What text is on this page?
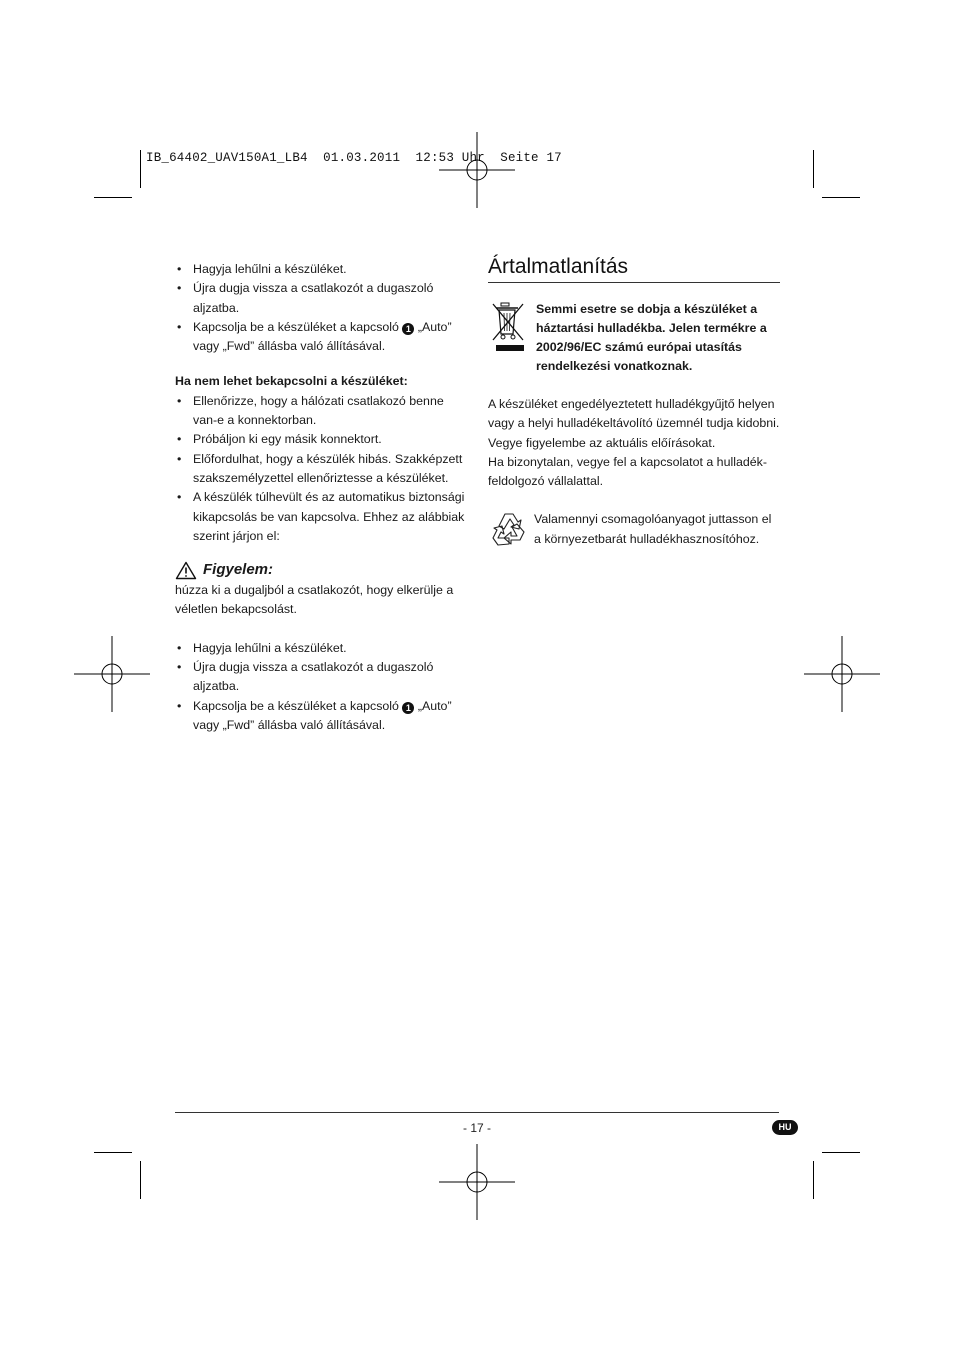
IB_64402_UAV150A1_LB4  01.03.2011  12:53 Uhr  Seite 17
• Hagyja lehűlni a készüléket.
• Újra dugja vissza a csatlakozót a dugaszoló aljzatba.
• Kapcsolja be a készüléket a kapcsoló 1 „Auto” vagy „Fwd” állásba való állításával.
Ha nem lehet bekapcsolni a készüléket:
• Ellenőrizze, hogy a hálózati csatlakozó benne van-e a konnektorban.
• Próbáljon ki egy másik konnektort.
• Előfordulhat, hogy a készülék hibás. Szakképzett szakszemélyzettel ellenőriztesse a készüléket.
• A készülék túlhevült és az automatikus biztonsági kikapcsolás be van kapcsolva. Ehhez az alábbiak szerint járjon el:
Figyelem:

húzza ki a dugaljból a csatlakozót, hogy elkerülje a véletlen bekapcsolást.

• Hagyja lehűlni a készüléket.
• Újra dugja vissza a csatlakozót a dugaszoló aljzatba.
• Kapcsolja be a készüléket a kapcsoló 1 „Auto” vagy „Fwd” állásba való állításával.
Ártalmatlanítás
Semmi esetre se dobja a készüléket a háztartási hulladékba. Jelen termékre a 2002/96/EC számú európai utasítás rendelkezési vonatkoznak.

A készüléket engedélyeztetett hulladékgyűjtő helyen vagy a helyi hulladékeltávolító üzemnél tudja kidobni. Vegye figyelembe az aktuális előírásokat.

Ha bizonytalan, vegye fel a kapcsolatot a hulladék-feldolgozó vállalattal.

Valamennyi csomagolóanyagot juttasson el a környezetbarát hulladékhasznosítóhoz.
- 17 -	HU
